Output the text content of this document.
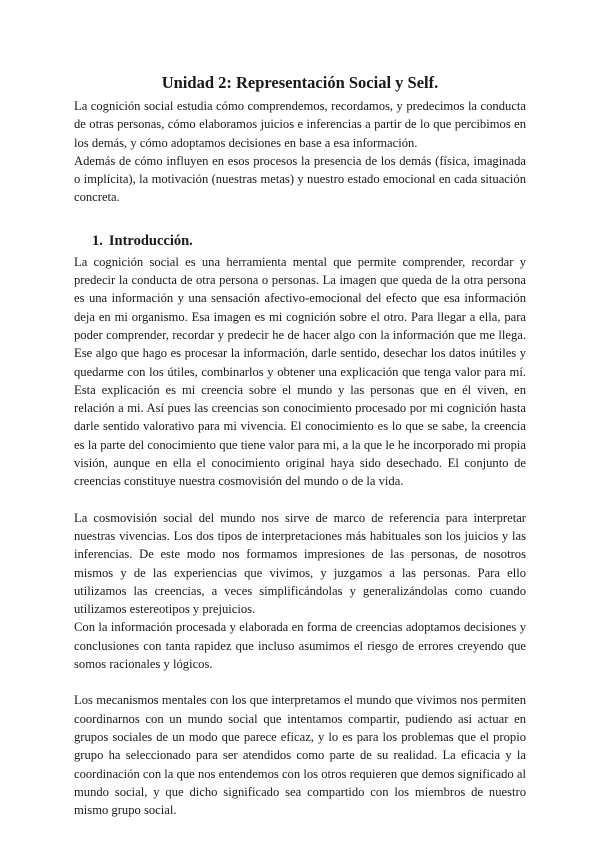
Unidad 2: Representación Social y Self.

La cognición social estudia cómo comprendemos, recordamos, y predecimos la conducta de otras personas, cómo elaboramos juicios e inferencias a partir de lo que percibimos en los demás, y cómo adoptamos decisiones en base a esa información.

Además de cómo influyen en esos procesos la presencia de los demás (física, imaginada o implícita), la motivación (nuestras metas) y nuestro estado emocional en cada situación concreta.

1. Introducción.

La cognición social es una herramienta mental que permite comprender, recordar y predecir la conducta de otra persona o personas. La imagen que queda de la otra persona es una información y una sensación afectivo-emocional del efecto que esa información deja en mi organismo. Esa imagen es mi cognición sobre el otro. Para llegar a ella, para poder comprender, recordar y predecir he de hacer algo con la información que me llega. Ese algo que hago es procesar la información, darle sentido, desechar los datos inútiles y quedarme con los útiles, combinarlos y obtener una explicación que tenga valor para mí. Esta explicación es mi creencia sobre el mundo y las personas que en él viven, en relación a mi. Así pues las creencias son conocimiento procesado por mi cognición hasta darle sentido valorativo para mi vivencia. El conocimiento es lo que se sabe, la creencia es la parte del conocimiento que tiene valor para mi, a la que le he incorporado mi propia visión, aunque en ella el conocimiento original haya sido desechado. El conjunto de creencias constituye nuestra cosmovisión del mundo o de la vida.

La cosmovisión social del mundo nos sirve de marco de referencia para interpretar nuestras vivencias. Los dos tipos de interpretaciones más habituales son los juicios y las inferencias. De este modo nos formamos impresiones de las personas, de nosotros mismos y de las experiencias que vivimos, y juzgamos a las personas. Para ello utilizamos las creencias, a veces simplificándolas y generalizándolas como cuando utilizamos estereotipos y prejuicios.

Con la información procesada y elaborada en forma de creencias adoptamos decisiones y conclusiones con tanta rapidez que incluso asumimos el riesgo de errores creyendo que somos racionales y lógicos.

Los mecanismos mentales con los que interpretamos el mundo que vivimos nos permiten coordinarnos con un mundo social que intentamos compartir, pudiendo asi actuar en grupos sociales de un modo que parece eficaz, y lo es para los problemas que el propio grupo ha seleccionado para ser atendidos como parte de su realidad. La eficacia y la coordinación con la que nos entendemos con los otros requieren que demos significado al mundo social, y que dicho significado sea compartido con los miembros de nuestro mismo grupo social.
